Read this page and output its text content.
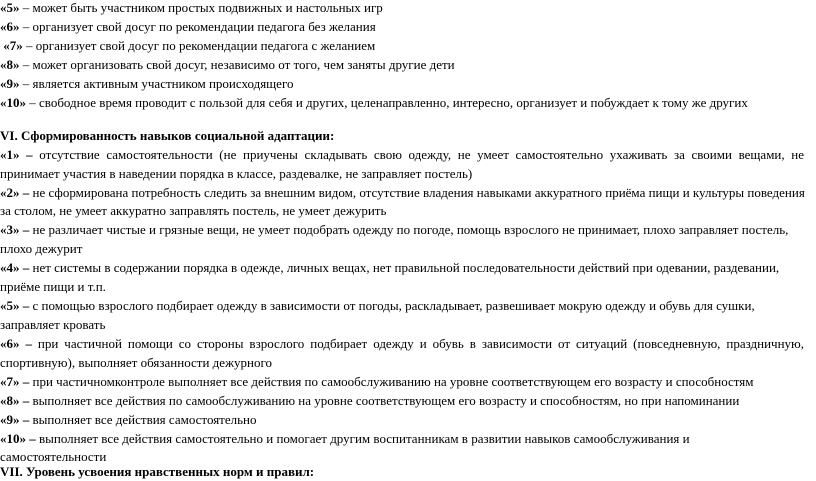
«5» – может быть участником простых подвижных и настольных игр
«6» – организует свой досуг по рекомендации педагога без желания
«7» – организует свой досуг по рекомендации педагога с желанием
«8» – может организовать свой досуг, независимо от того, чем заняты другие дети
«9» – является активным участником происходящего
«10» – свободное время проводит с пользой для себя и других, целенаправленно, интересно, организует и побуждает к тому же других
VI. Сформированность навыков социальной адаптации:
«1» – отсутствие самостоятельности (не приучены складывать свою одежду, не умеет самостоятельно ухаживать за своими вещами, не
принимает участия в наведении порядка в классе, раздевалке, не заправляет постель)
«2» – не сформирована потребность следить за внешним видом, отсутствие владения навыками аккуратного приёма пищи и культуры поведения
за столом, не умеет аккуратно заправлять постель, не умеет дежурить
«3» – не различает чистые и грязные вещи, не умеет подобрать одежду по погоде, помощь взрослого не принимает, плохо заправляет постель,
плохо дежурит
«4» – нет системы в содержании порядка в одежде, личных вещах, нет правильной последовательности действий при одевании, раздевании,
приёме пищи и т.п.
«5» – с помощью взрослого подбирает одежду в зависимости от погоды, раскладывает, развешивает мокрую одежду и обувь для сушки,
заправляет кровать
«6» – при частичной помощи со стороны взрослого подбирает одежду и обувь в зависимости от ситуаций (повседневную, праздничную,
спортивную), выполняет обязанности дежурного
«7» – при частичномконтроле выполняет все действия по самообслуживанию на уровне соответствующем его возрасту и способностям
«8» – выполняет все действия по самообслуживанию на уровне соответствующем его возрасту и способностям, но при напоминании
«9» – выполняет все действия самостоятельно
«10» – выполняет все действия самостоятельно и помогает другим воспитанникам в развитии навыков самообслуживания и
самостоятельности
VII. Уровень усвоения нравственных норм и правил:
